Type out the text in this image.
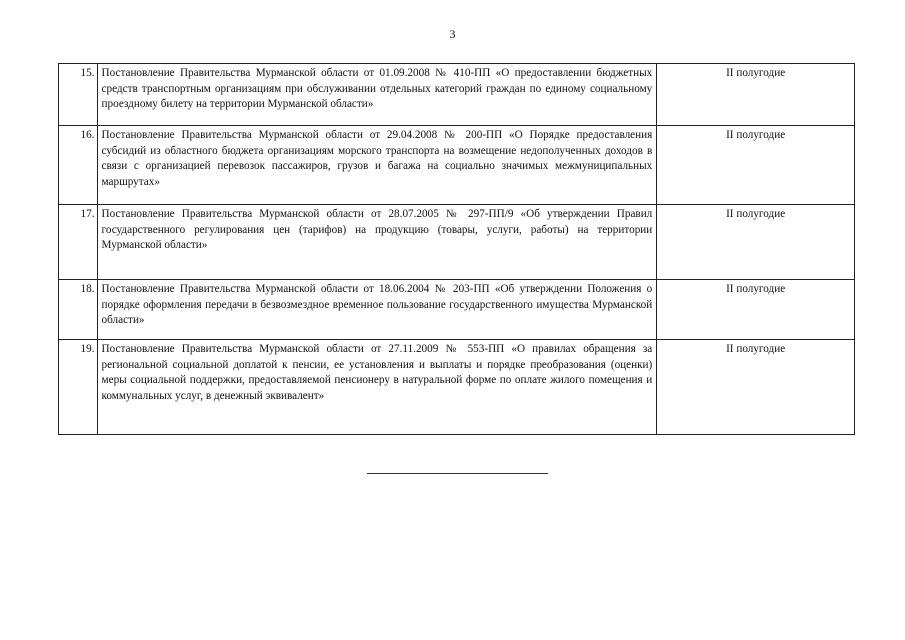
3
15.	Постановление Правительства Мурманской области от 01.09.2008 № 410-ПП «О предоставлении бюджетных средств транспортным организациям при обслуживании отдельных категорий граждан по единому социальному проездному билету на территории Мурманской области»	II полугодие
16.	Постановление Правительства Мурманской области от 29.04.2008 № 200-ПП «О Порядке предоставления субсидий из областного бюджета организациям морского транспорта на возмещение недополученных доходов в связи с организацией перевозок пассажиров, грузов и багажа на социально значимых межмуниципальных маршрутах»	II полугодие
17.	Постановление Правительства Мурманской области от 28.07.2005 № 297-ПП/9 «Об утверждении Правил государственного регулирования цен (тарифов) на продукцию (товары, услуги, работы) на территории Мурманской области»	II полугодие
18.	Постановление Правительства Мурманской области от 18.06.2004 № 203-ПП «Об утверждении Положения о порядке оформления передачи в безвозмездное временное пользование государственного имущества Мурманской области»	II полугодие
19.	Постановление Правительства Мурманской области от 27.11.2009 № 553-ПП «О правилах обращения за региональной социальной доплатой к пенсии, ее установления и выплаты и порядке преобразования (оценки) меры социальной поддержки, предоставляемой пенсионеру в натуральной форме по оплате жилого помещения и коммунальных услуг, в денежный эквивалент»	II полугодие
